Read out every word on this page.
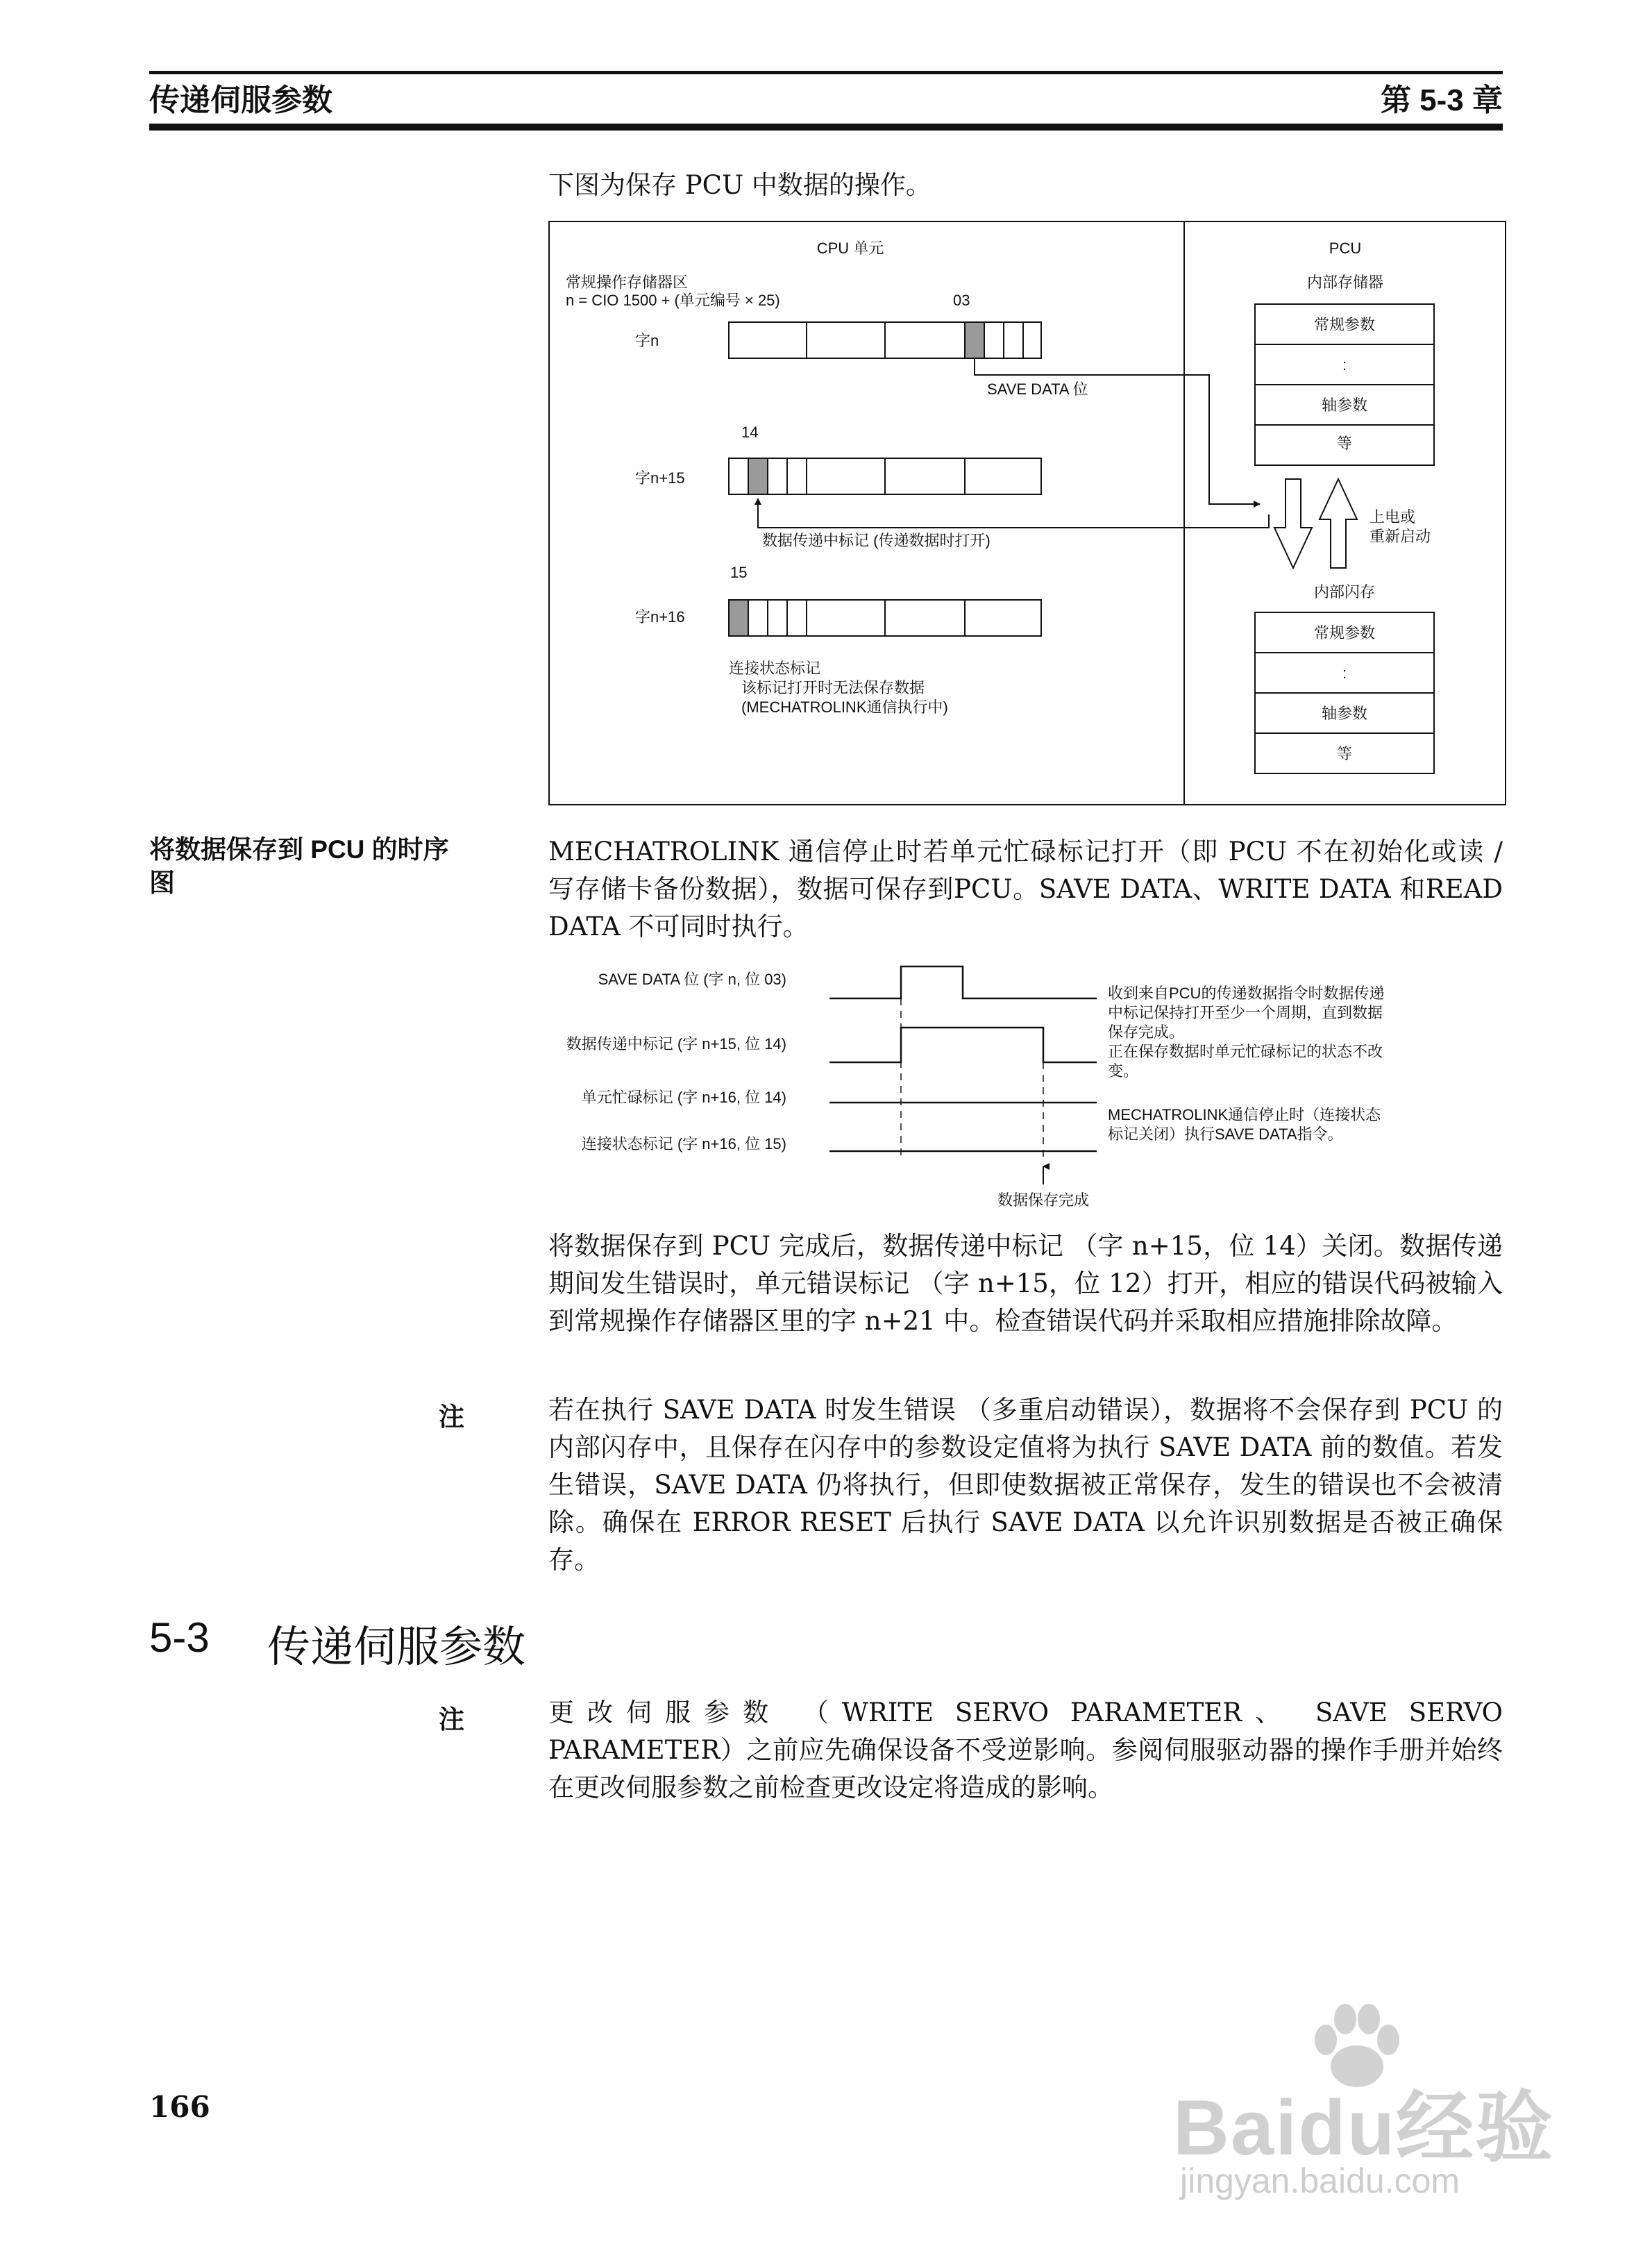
传递伺服参数	第 5-3 章
下图为保存 PCU 中数据的操作。
CPU 单元	PCU
常规操作存储器区
n = CIO 1500 + (单元编号 × 25)
内部存储器
03
字n
SAVE DATA 位
14
字n+15
数据传递中标记 (传递数据时打开)
15
字n+16
连接状态标记
该标记打开时无法保存数据
(MECHATROLINK通信执行中)
常规参数
:
轴参数
等
上电或
重新启动
内部闪存
常规参数
:
轴参数
等
将数据保存到 PCU 的时序
图
MECHATROLINK 通信停止时若单元忙碌标记打开（即 PCU 不在初始化或读 / 写存储卡备份数据），数据可保存到PCU。SAVE DATA、WRITE DATA 和READ DATA 不可同时执行。
SAVE DATA 位 (字 n, 位 03)
数据传递中标记 (字 n+15, 位 14)
单元忙碌标记 (字 n+16, 位 14)
连接状态标记 (字 n+16, 位 15)
数据保存完成
收到来自PCU的传递数据指令时数据传递
中标记保持打开至少一个周期，直到数据
保存完成。
正在保存数据时单元忙碌标记的状态不改
变。
MECHATROLINK通信停止时（连接状态
标记关闭）执行SAVE DATA指令。
将数据保存到 PCU 完成后，数据传递中标记 （字 n+15，位 14）关闭。数据传递期间发生错误时，单元错误标记 （字 n+15，位 12）打开，相应的错误代码被输入到常规操作存储器区里的字 n+21 中。检查错误代码并采取相应措施排除故障。
注	若在执行 SAVE DATA 时发生错误 （多重启动错误），数据将不会保存到 PCU 的内部闪存中，且保存在闪存中的参数设定值将为执行 SAVE DATA 前的数值。若发生错误，SAVE DATA 仍将执行，但即使数据被正常保存，发生的错误也不会被清除。确保在 ERROR RESET 后执行 SAVE DATA 以允许识别数据是否被正确保存。
5-3 传递伺服参数
注	更改伺服参数 （WRITE SERVO PARAMETER、 SAVE SERVO PARAMETER）之前应先确保设备不受逆影响。参阅伺服驱动器的操作手册并始终在更改伺服参数之前检查更改设定将造成的影响。
166	Baidu经验
jingyan.baidu.com
